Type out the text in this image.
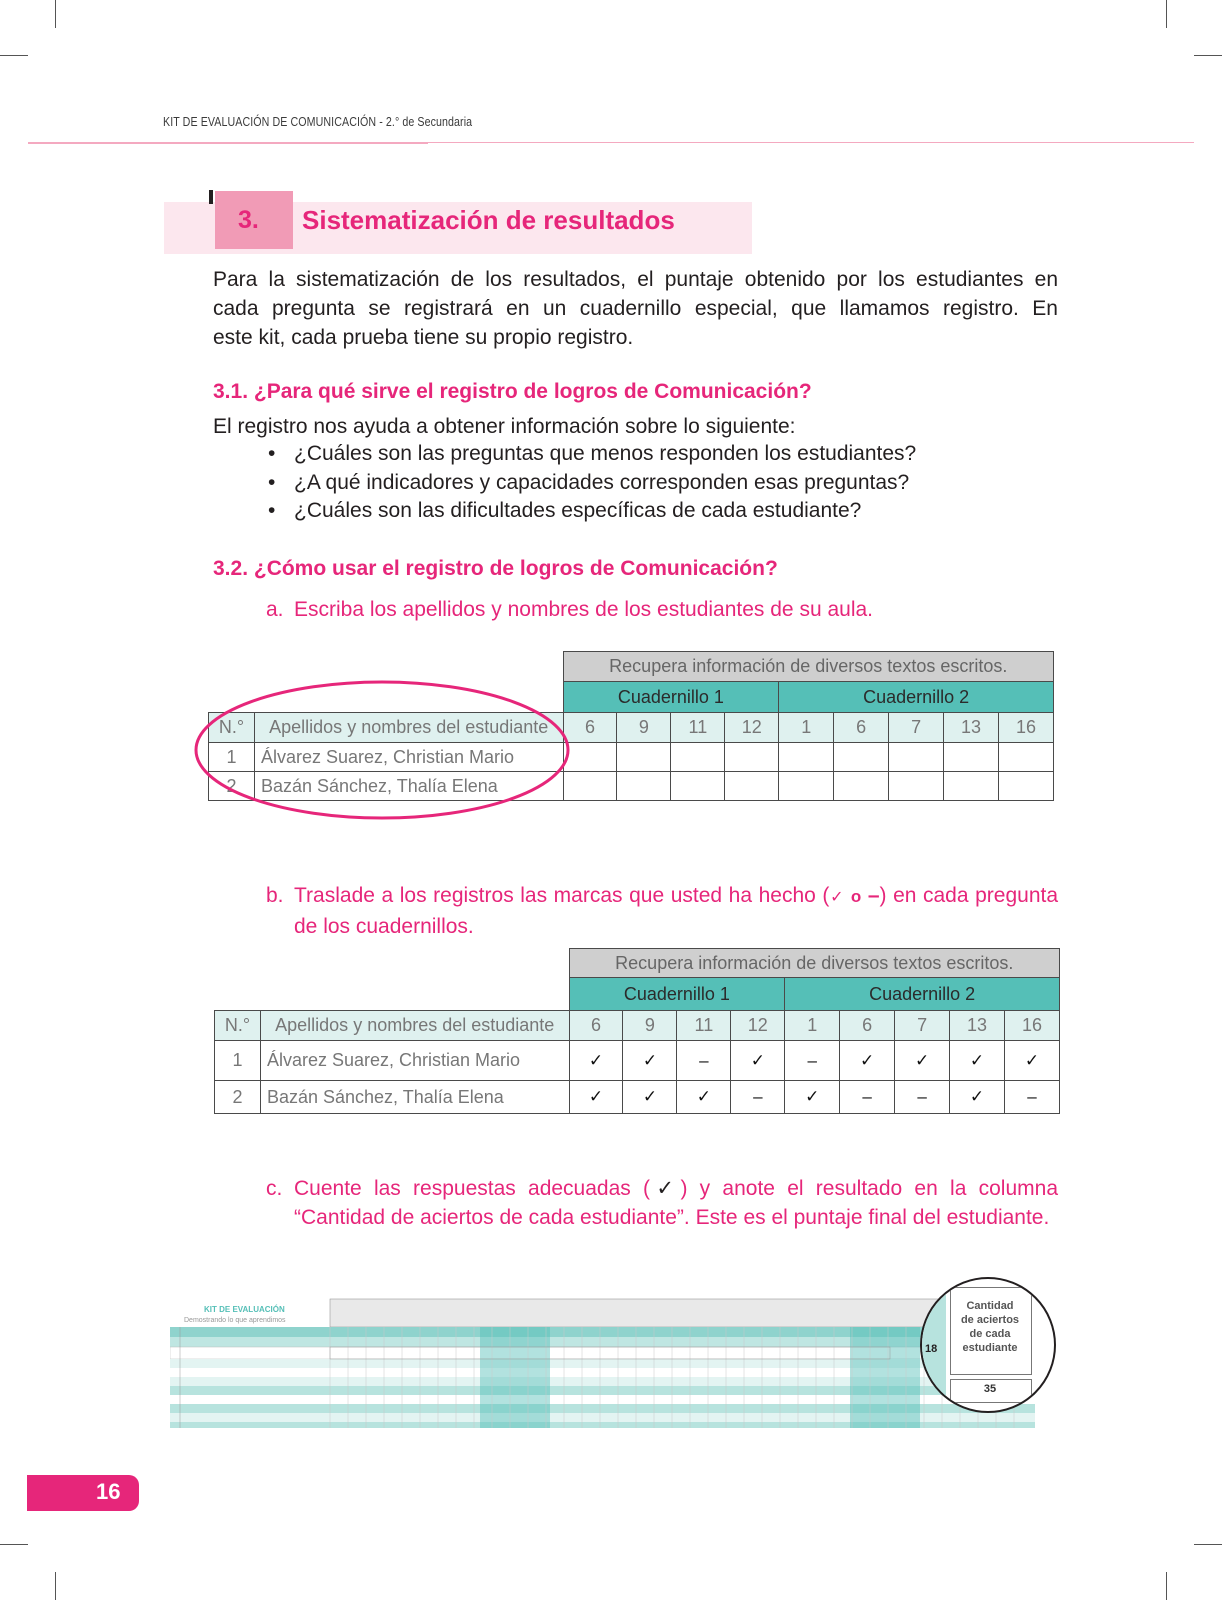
KIT DE EVALUACIÓN DE COMUNICACIÓN - 2.° de Secundaria
3. Sistematización de resultados
Para la sistematización de los resultados, el puntaje obtenido por los estudiantes en
cada pregunta se registrará en un cuadernillo especial, que llamamos registro. En
este kit, cada prueba tiene su propio registro.
3.1. ¿Para qué sirve el registro de logros de Comunicación?
El registro nos ayuda a obtener información sobre lo siguiente:
• ¿Cuáles son las preguntas que menos responden los estudiantes?
• ¿A qué indicadores y capacidades corresponden esas preguntas?
• ¿Cuáles son las dificultades específicas de cada estudiante?
3.2. ¿Cómo usar el registro de logros de Comunicación?
a. Escriba los apellidos y nombres de los estudiantes de su aula.
		Recupera información de diversos textos escritos.								
		Cuadernillo 1				Cuadernillo 2				
N.°	Apellidos y nombres del estudiante	6	9	11	12	1	6	7	13	16
1	Álvarez Suarez, Christian Mario									
2	Bazán Sánchez, Thalía Elena									
b. Traslade a los registros las marcas que usted ha hecho (✓ o –) en cada pregunta de los cuadernillos.
		Recupera información de diversos textos escritos.								
		Cuadernillo 1				Cuadernillo 2				
N.°	Apellidos y nombres del estudiante	6	9	11	12	1	6	7	13	16
1	Álvarez Suarez, Christian Mario	✓	✓	–	✓	–	✓	✓	✓	✓
2	Bazán Sánchez, Thalía Elena	✓	✓	✓	–	✓	–	–	✓	–
c. Cuente las respuestas adecuadas (✓) y anote el resultado en la columna “Cantidad de aciertos de cada estudiante”. Este es el puntaje final del estudiante.
KIT DE EVALUACIÓN
Demostrando lo que aprendimos
18
Cantidad
de aciertos
de cada
estudiante
35
16
